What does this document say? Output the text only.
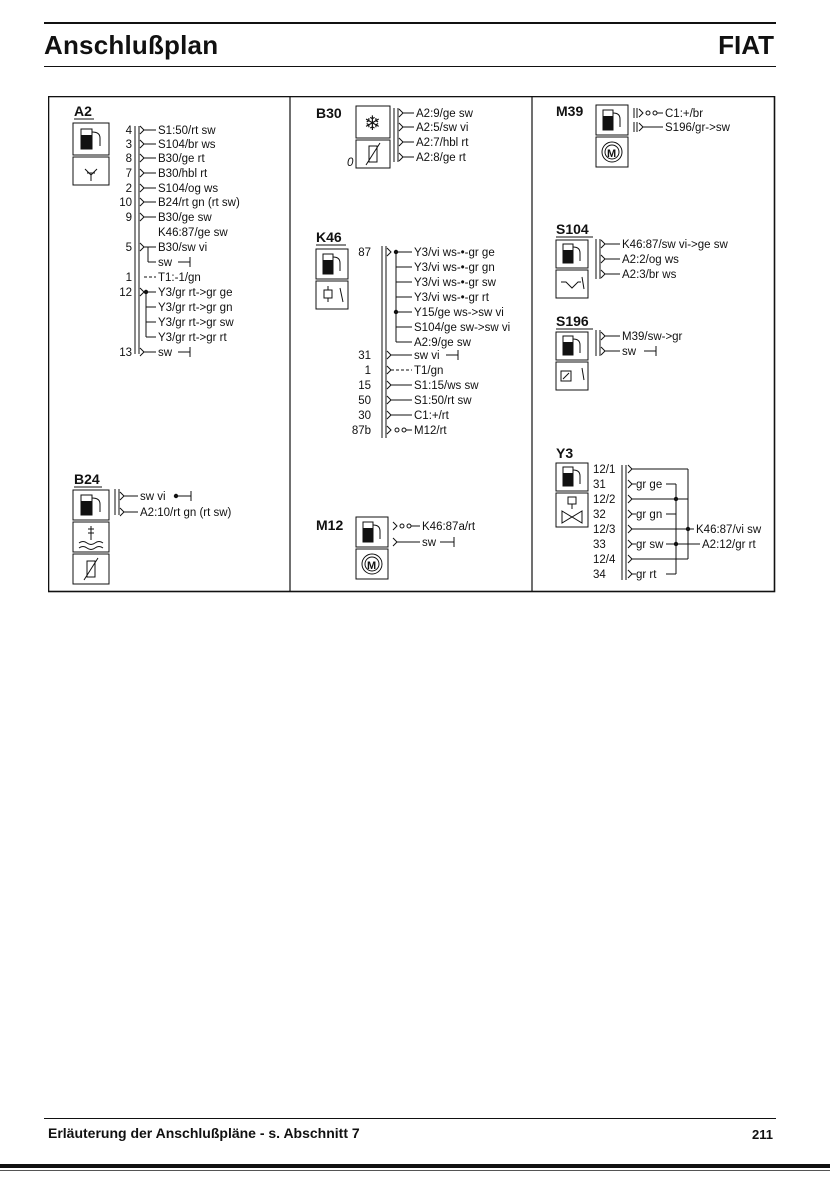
Anschlußplan	FIAT
A2
4 S1:50/rt sw
3 S104/br ws
8 B30/ge rt
7 B30/hbl rt
2 S104/og ws
10 B24/rt gn (rt sw)
9 B30/ge sw
K46:87/ge sw
5 B30/sw vi
sw
1 T1:-1/gn
12 Y3/gr rt->gr ge
Y3/gr rt->gr gn
Y3/gr rt->gr sw
Y3/gr rt->gr rt
13 sw
B24
sw vi
A2:10/rt gn (rt sw)
B30 ❄
0
A2:9/ge sw
A2:5/sw vi
A2:7/hbl rt
A2:8/ge rt
K46
87	Y3/vi ws-•-gr ge
Y3/vi ws-•-gr gn
Y3/vi ws-•-gr sw
Y3/vi ws-•-gr rt
Y15/ge ws->sw vi
S104/ge sw->sw vi
A2:9/ge sw
31	sw vi
1	T1/gn
15	S1:15/ws sw
50	S1:50/rt sw
30	C1:+/rt
87b	M12/rt
M12
M
K46:87a/rt
sw
M39
M
C1:+/br
S196/gr->sw
S104
K46:87/sw vi->ge sw
A2:2/og ws
A2:3/br ws
S196
M39/sw->gr
sw
Y3
12/1
31	gr ge
12/2
32	gr gn
12/3
33	gr sw
12/4
34	gr rt
K46:87/vi sw
A2:12/gr rt
Erläuterung der Anschlußpläne - s. Abschnitt 7	211
